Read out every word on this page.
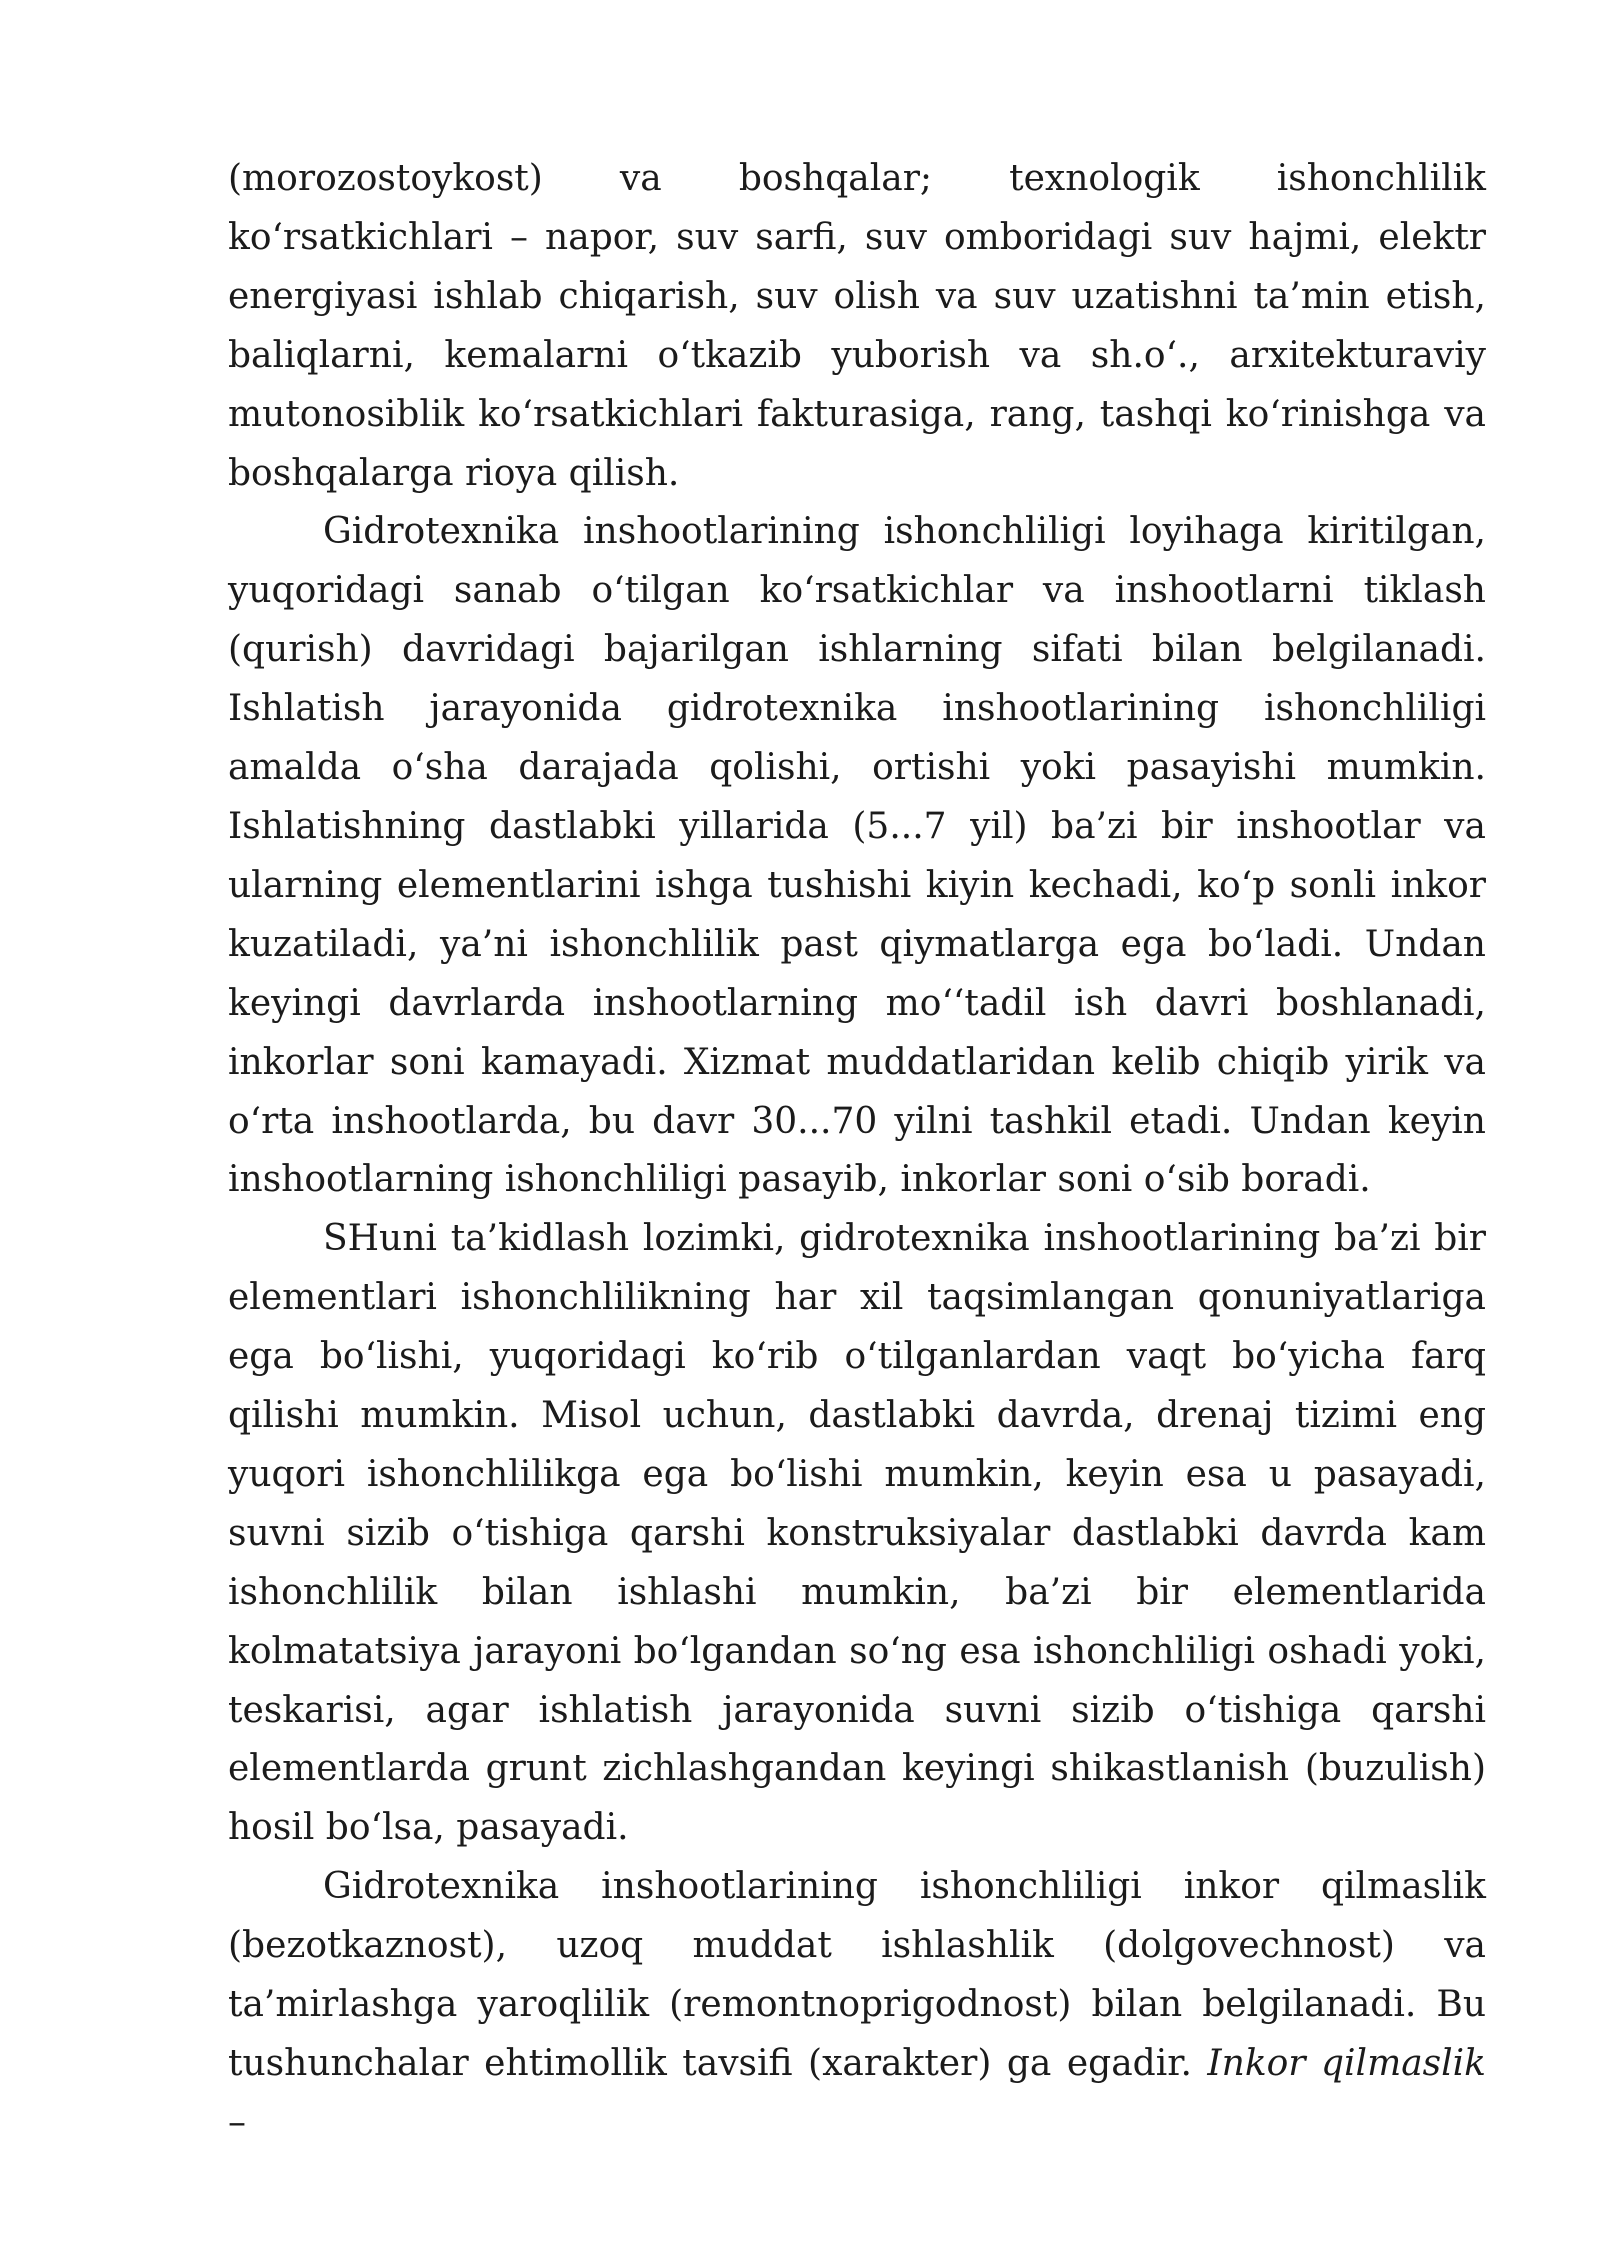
(morozostoykost) va boshqalar; texnologik ishonchlilik koʻrsatkichlari – napor, suv sarfi, suv omboridagi suv hajmi, elektr energiyasi ishlab chiqarish, suv olish va suv uzatishni ta’min etish, baliqlarni, kemalarni oʻtkazib yuborish va sh.oʻ., arxitekturaviy mutonosiblik koʻrsatkichlari fakturasiga, rang, tashqi koʻrinishga va boshqalarga rioya qilish.

Gidrotexnika inshootlarining ishonchliligi loyihaga kiritilgan, yuqoridagi sanab oʻtilgan koʻrsatkichlar va inshootlarni tiklash (qurish) davridagi bajarilgan ishlarning sifati bilan belgilanadi. Ishlatish jarayonida gidrotexnika inshootlarining ishonchliligi amalda oʻsha darajada qolishi, ortishi yoki pasayishi mumkin. Ishlatishning dastlabki yillarida (5...7 yil) ba’zi bir inshootlar va ularning elementlarini ishga tushishi kiyin kechadi, koʻp sonli inkor kuzatiladi, ya’ni ishonchlilik past qiymatlarga ega boʻladi. Undan keyingi davrlarda inshootlarning moʻʻtadil ish davri boshlanadi, inkorlar soni kamayadi. Xizmat muddatlaridan kelib chiqib yirik va oʻrta inshootlarda, bu davr 30...70 yilni tashkil etadi. Undan keyin inshootlarning ishonchliligi pasayib, inkorlar soni oʻsib boradi.

SHuni ta’kidlash lozimki, gidrotexnika inshootlarining ba’zi bir elementlari ishonchlilikning har xil taqsimlangan qonuniyatlariga ega boʻlishi, yuqoridagi koʻrib oʻtilganlardan vaqt boʻyicha farq qilishi mumkin. Misol uchun, dastlabki davrda, drenaj tizimi eng yuqori ishonchlilikga ega boʻlishi mumkin, keyin esa u pasayadi, suvni sizib oʻtishiga qarshi konstruksiyalar dastlabki davrda kam ishonchlilik bilan ishlashi mumkin, ba’zi bir elementlarida kolmatatsiya jarayoni boʻlgandan soʻng esa ishonchliligi oshadi yoki, teskarisi, agar ishlatish jarayonida suvni sizib oʻtishiga qarshi elementlarda grunt zichlashgandan keyingi shikastlanish (buzulish) hosil boʻlsa, pasayadi.

Gidrotexnika inshootlarining ishonchliligi inkor qilmaslik (bezotkaznost), uzoq muddat ishlashlik (dolgovechnost) va ta’mirlashga yaroqlilik (remontnoprigodnost) bilan belgilanadi. Bu tushunchalar ehtimollik tavsifi (xarakter) ga egadir. Inkor qilmaslik –
